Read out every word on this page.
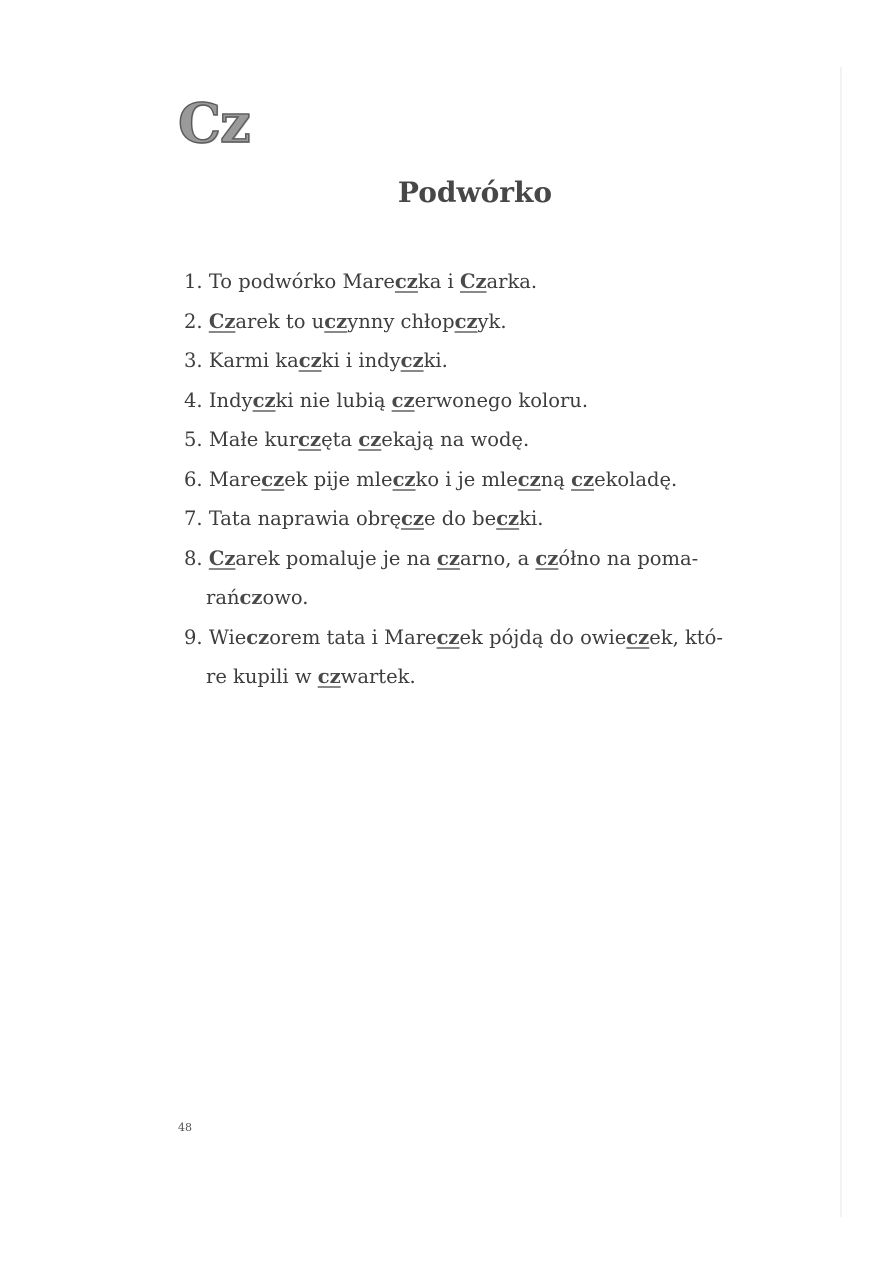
Cz
Podwórko
1. To podwórko Mareczka i Czarka.
2. Czarek to uczynny chłopczyk.
3. Karmi kaczki i indyczki.
4. Indyczki nie lubią czerwonego koloru.
5. Małe kurczęta czekają na wodę.
6. Mareczek pije mleczko i je mleczną czekoladę.
7. Tata naprawia obręcze do beczki.
8. Czarek pomaluje je na czarno, a czółno na poma-
rańczowo.
9. Wieczorem tata i Mareczek pójdą do owieczek, któ-
re kupili w czwartek.
48
